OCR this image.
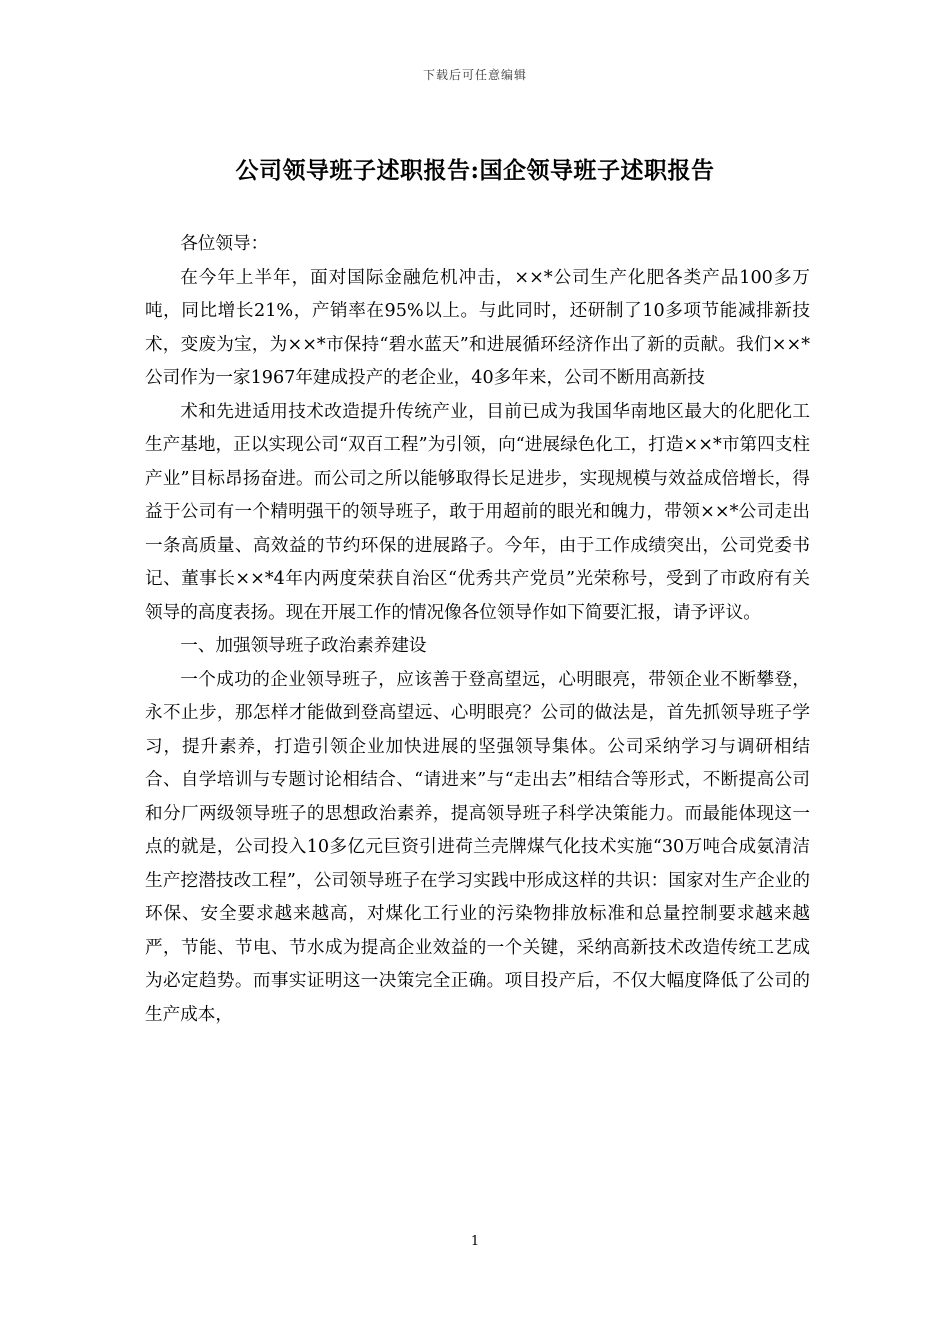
下载后可任意编辑
公司领导班子述职报告:国企领导班子述职报告

各位领导：

在今年上半年，面对国际金融危机冲击，××*公司生产化肥各类产品100多万吨，同比增长21%，产销率在95%以上。与此同时，还研制了10多项节能减排新技术，变废为宝，为××*市保持“碧水蓝天”和进展循环经济作出了新的贡献。我们××*公司作为一家1967年建成投产的老企业，40多年来，公司不断用高新技

术和先进适用技术改造提升传统产业，目前已成为我国华南地区最大的化肥化工生产基地，正以实现公司“双百工程”为引领，向“进展绿色化工，打造××*市第四支柱产业”目标昂扬奋进。而公司之所以能够取得长足进步，实现规模与效益成倍增长，得益于公司有一个精明强干的领导班子，敢于用超前的眼光和魄力，带领××*公司走出一条高质量、高效益的节约环保的进展路子。今年，由于工作成绩突出，公司党委书记、董事长××*4年内两度荣获自治区“优秀共产党员”光荣称号，受到了市政府有关领导的高度表扬。现在开展工作的情况像各位领导作如下简要汇报，请予评议。

一、加强领导班子政治素养建设

一个成功的企业领导班子，应该善于登高望远，心明眼亮，带领企业不断攀登，永不止步，那怎样才能做到登高望远、心明眼亮？公司的做法是，首先抓领导班子学习，提升素养，打造引领企业加快进展的坚强领导集体。公司采纳学习与调研相结合、自学培训与专题讨论相结合、“请进来”与“走出去”相结合等形式，不断提高公司和分厂两级领导班子的思想政治素养，提高领导班子科学决策能力。而最能体现这一点的就是，公司投入10多亿元巨资引进荷兰壳牌煤气化技术实施“30万吨合成氨清洁生产挖潜技改工程”，公司领导班子在学习实践中形成这样的共识：国家对生产企业的环保、安全要求越来越高，对煤化工行业的污染物排放标准和总量控制要求越来越严，节能、节电、节水成为提高企业效益的一个关键，采纳高新技术改造传统工艺成为必定趋势。而事实证明这一决策完全正确。项目投产后，不仅大幅度降低了公司的生产成本，

1
